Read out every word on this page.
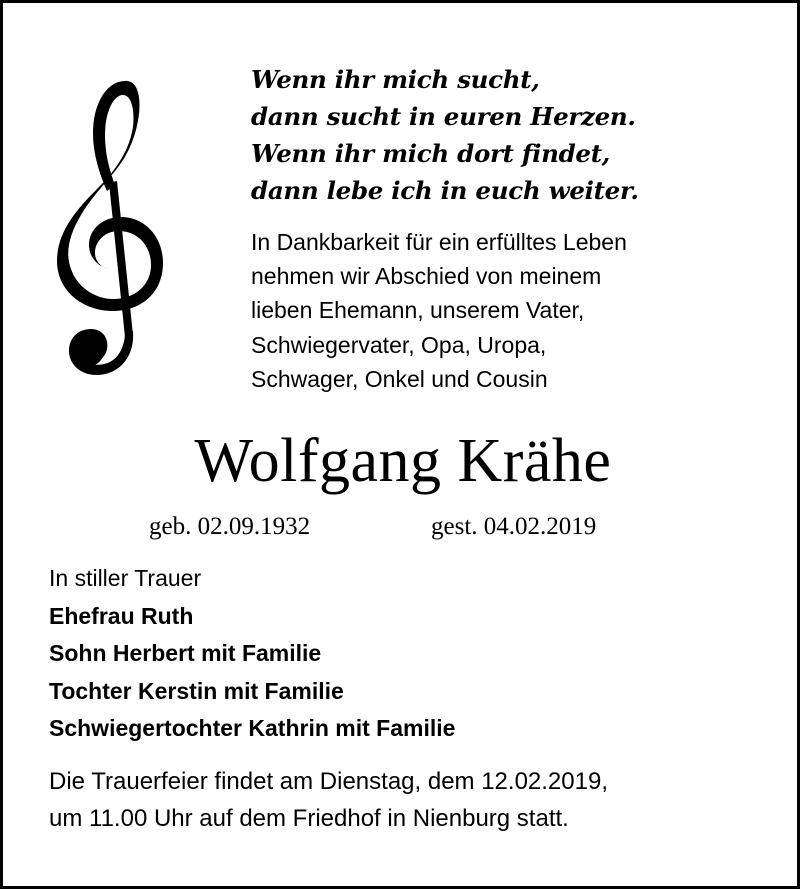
Wenn ihr mich sucht,
dann sucht in euren Herzen.
Wenn ihr mich dort findet,
dann lebe ich in euch weiter.
In Dankbarkeit für ein erfülltes Leben
nehmen wir Abschied von meinem
lieben Ehemann, unserem Vater,
Schwiegervater, Opa, Uropa,
Schwager, Onkel und Cousin
Wolfgang Krähe
geb. 02.09.1932	gest. 04.02.2019
In stiller Trauer
Ehefrau Ruth
Sohn Herbert mit Familie
Tochter Kerstin mit Familie
Schwiegertochter Kathrin mit Familie
Die Trauerfeier findet am Dienstag, dem 12.02.2019,
um 11.00 Uhr auf dem Friedhof in Nienburg statt.
